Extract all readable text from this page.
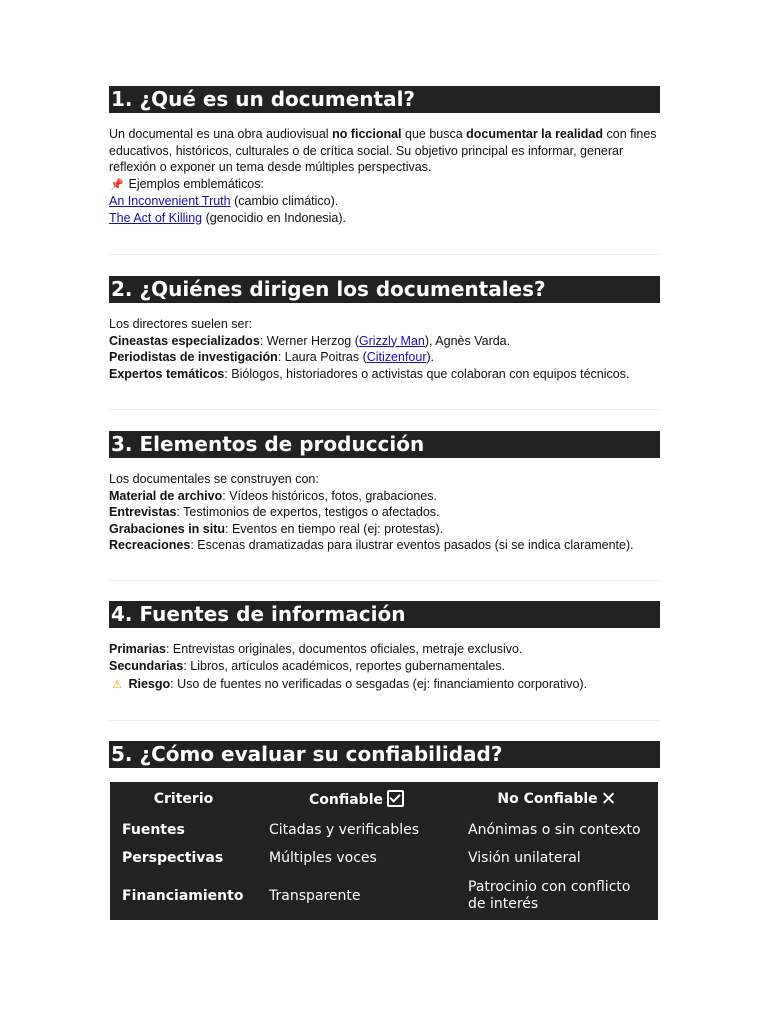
1. ¿Qué es un documental?

Un documental es una obra audiovisual no ficcional que busca documentar la realidad con fines educativos, históricos, culturales o de crítica social. Su objetivo principal es informar, generar reflexión o exponer un tema desde múltiples perspectivas.

📌 Ejemplos emblemáticos:

An Inconvenient Truth (cambio climático).

The Act of Killing (genocidio en Indonesia).

2. ¿Quiénes dirigen los documentales?

Los directores suelen ser:

Cineastas especializados: Werner Herzog (Grizzly Man), Agnès Varda.

Periodistas de investigación: Laura Poitras (Citizenfour).

Expertos temáticos: Biólogos, historiadores o activistas que colaboran con equipos técnicos.

3. Elementos de producción

Los documentales se construyen con:

Material de archivo: Vídeos históricos, fotos, grabaciones.

Entrevistas: Testimonios de expertos, testigos o afectados.

Grabaciones in situ: Eventos en tiempo real (ej: protestas).

Recreaciones: Escenas dramatizadas para ilustrar eventos pasados (si se indica claramente).

4. Fuentes de información

Primarias: Entrevistas originales, documentos oficiales, metraje exclusivo.

Secundarias: Libros, artículos académicos, reportes gubernamentales.

⚠ Riesgo: Uso de fuentes no verificadas o sesgadas (ej: financiamiento corporativo).

5. ¿Cómo evaluar su confiabilidad?
Criterio	Confiable	No Confiable ✕
Fuentes	Citadas y verificables	Anónimas o sin contexto
Perspectivas	Múltiples voces	Visión unilateral
Financiamiento	Transparente	Patrocinio con conflicto de interés
